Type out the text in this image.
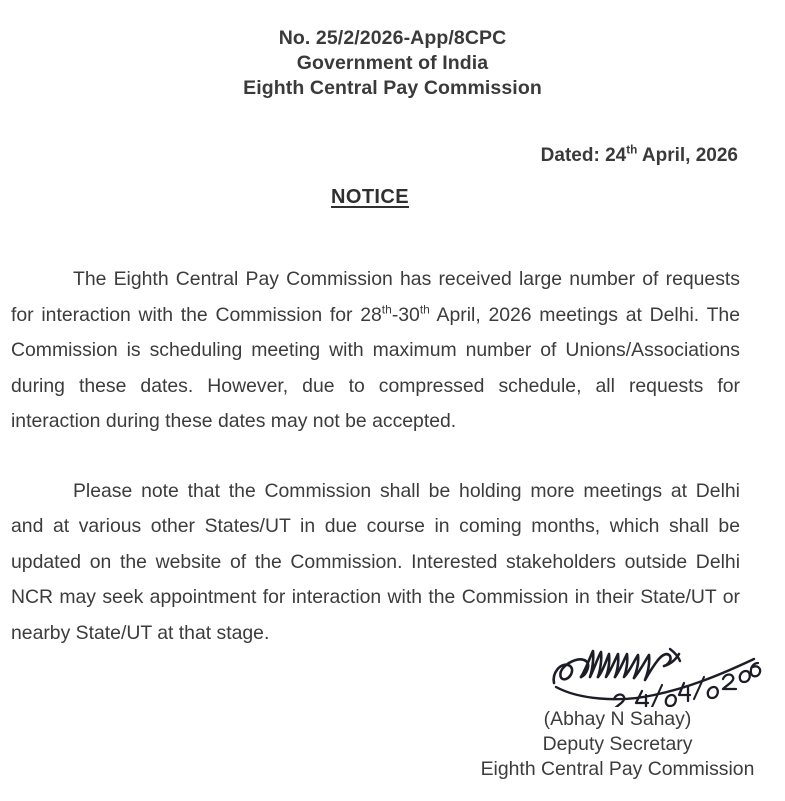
No. 25/2/2026-App/8CPC
Government of India
Eighth Central Pay Commission
Dated: 24th April, 2026
NOTICE

The Eighth Central Pay Commission has received large number of requests for interaction with the Commission for 28th-30th April, 2026 meetings at Delhi. The Commission is scheduling meeting with maximum number of Unions/Associations during these dates. However, due to compressed schedule, all requests for interaction during these dates may not be accepted.

Please note that the Commission shall be holding more meetings at Delhi and at various other States/UT in due course in coming months, which shall be updated on the website of the Commission. Interested stakeholders outside Delhi NCR may seek appointment for interaction with the Commission in their State/UT or nearby State/UT at that stage.

(Abhay N Sahay)
Deputy Secretary
Eighth Central Pay Commission
